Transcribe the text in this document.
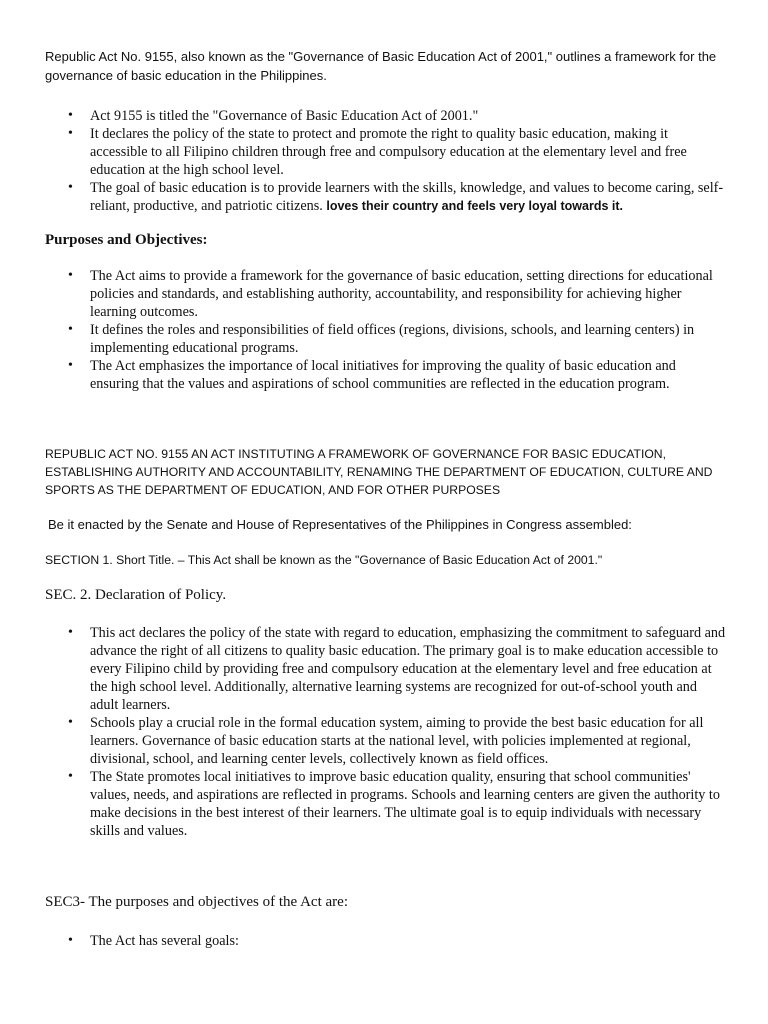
Republic Act No. 9155, also known as the "Governance of Basic Education Act of 2001," outlines a framework for the governance of basic education in the Philippines.

• Act 9155 is titled the "Governance of Basic Education Act of 2001."
• It declares the policy of the state to protect and promote the right to quality basic education, making it accessible to all Filipino children through free and compulsory education at the elementary level and free education at the high school level.
• The goal of basic education is to provide learners with the skills, knowledge, and values to become caring, self-reliant, productive, and patriotic citizens. loves their country and feels very loyal towards it.

Purposes and Objectives:

• The Act aims to provide a framework for the governance of basic education, setting directions for educational policies and standards, and establishing authority, accountability, and responsibility for achieving higher learning outcomes.
• It defines the roles and responsibilities of field offices (regions, divisions, schools, and learning centers) in implementing educational programs.
• The Act emphasizes the importance of local initiatives for improving the quality of basic education and ensuring that the values and aspirations of school communities are reflected in the education program.

REPUBLIC ACT NO. 9155 AN ACT INSTITUTING A FRAMEWORK OF GOVERNANCE FOR BASIC EDUCATION, ESTABLISHING AUTHORITY AND ACCOUNTABILITY, RENAMING THE DEPARTMENT OF EDUCATION, CULTURE AND SPORTS AS THE DEPARTMENT OF EDUCATION, AND FOR OTHER PURPOSES

Be it enacted by the Senate and House of Representatives of the Philippines in Congress assembled:

SECTION 1. Short Title. – This Act shall be known as the "Governance of Basic Education Act of 2001."

SEC. 2. Declaration of Policy.

• This act declares the policy of the state with regard to education, emphasizing the commitment to safeguard and advance the right of all citizens to quality basic education. The primary goal is to make education accessible to every Filipino child by providing free and compulsory education at the elementary level and free education at the high school level. Additionally, alternative learning systems are recognized for out-of-school youth and adult learners.
• Schools play a crucial role in the formal education system, aiming to provide the best basic education for all learners. Governance of basic education starts at the national level, with policies implemented at regional, divisional, school, and learning center levels, collectively known as field offices.
• The State promotes local initiatives to improve basic education quality, ensuring that school communities' values, needs, and aspirations are reflected in programs. Schools and learning centers are given the authority to make decisions in the best interest of their learners. The ultimate goal is to equip individuals with necessary skills and values.

SEC3- The purposes and objectives of the Act are:

• The Act has several goals:
